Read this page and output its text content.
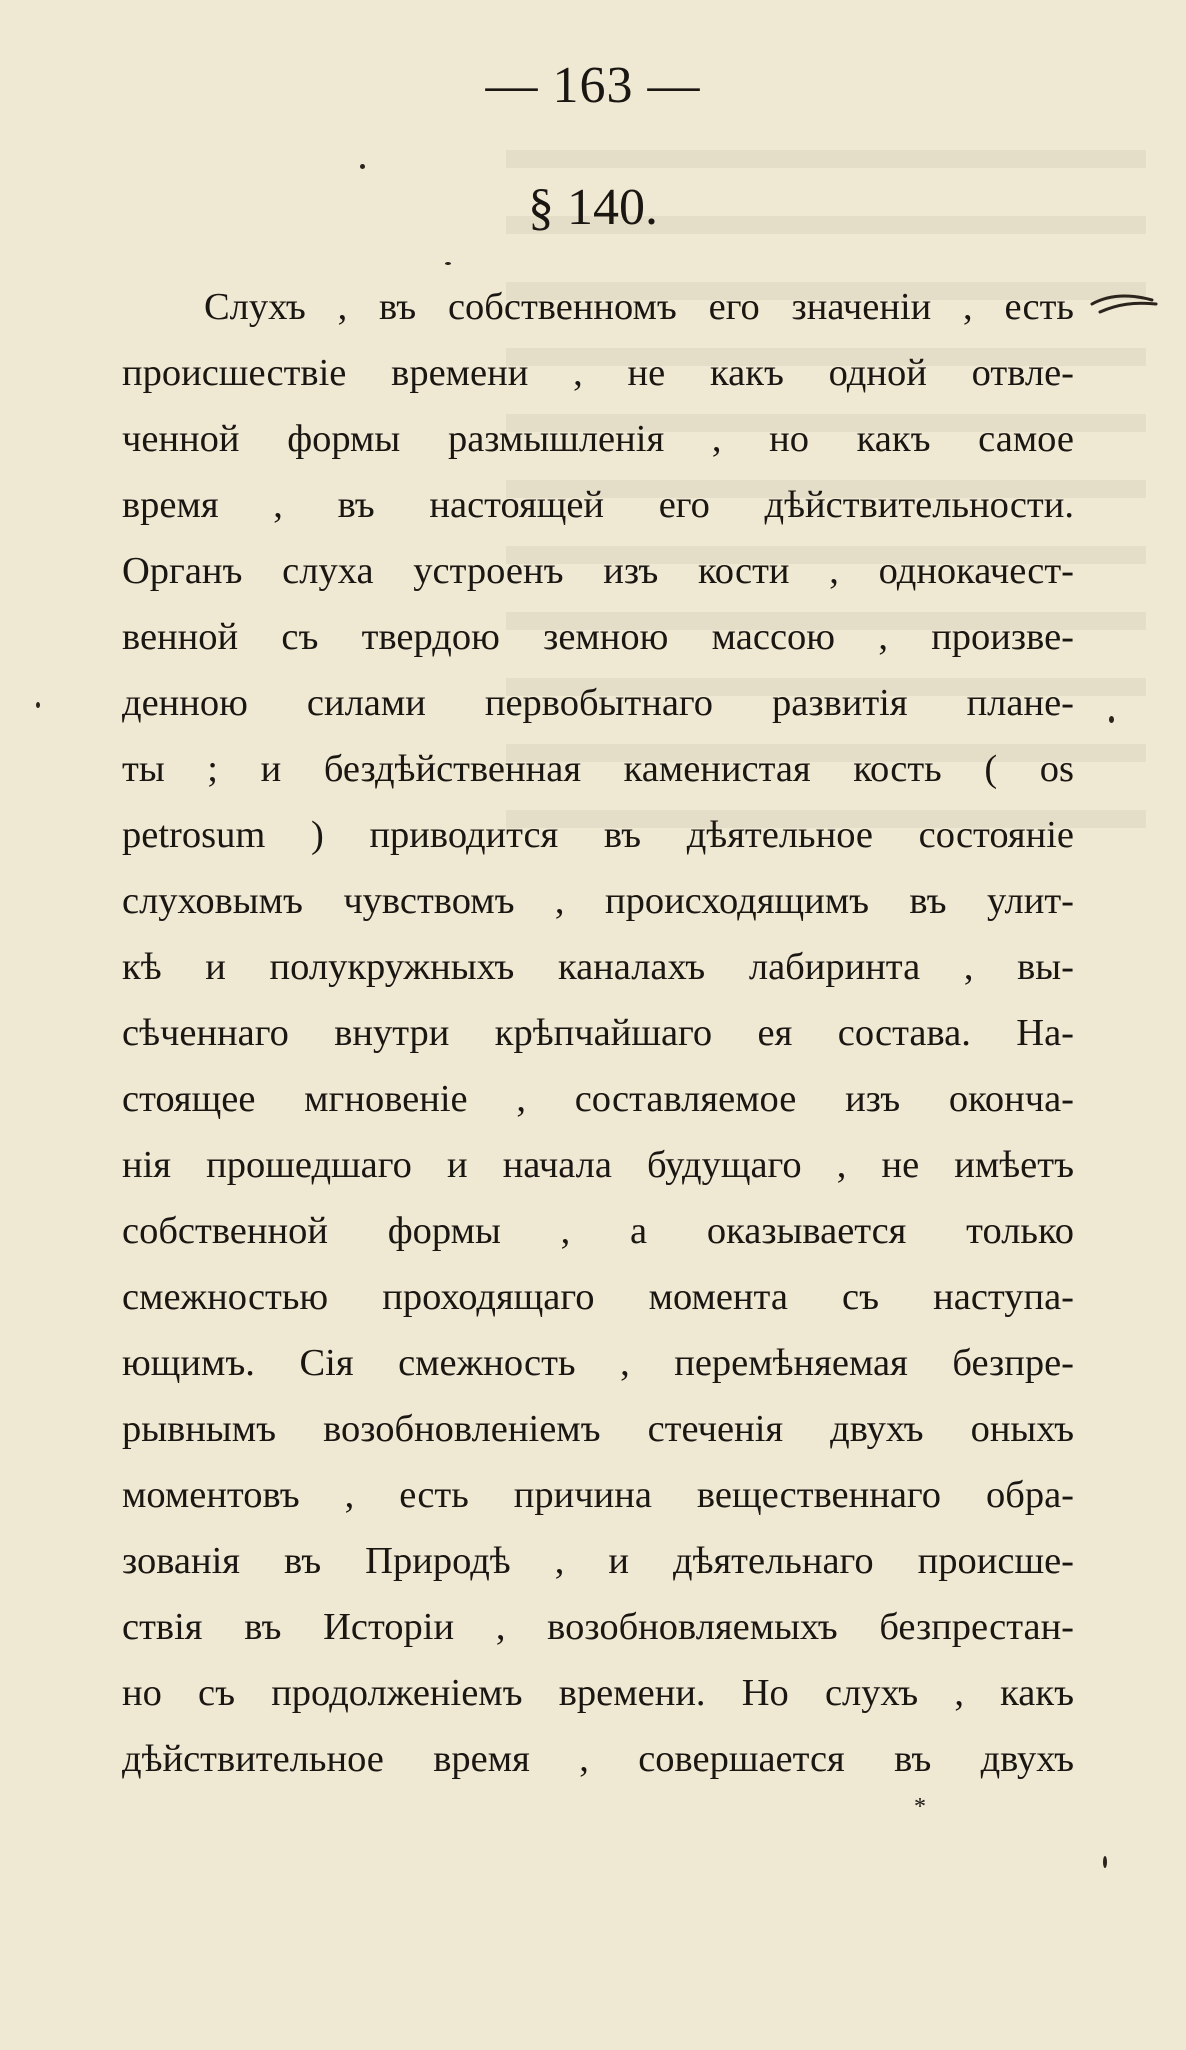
— 163 —
§ 140.
Слухъ , въ собственномъ его значенiи , есть
происшествiе времени , не какъ одной отвле-
ченной формы размышленiя , но какъ самое
время , въ настоящей его дѣйствительности.
Органъ слуха устроенъ изъ кости , однокачест-
венной съ твердою земною массою , произве-
денною силами первобытнаго развитiя плане-
ты ; и бездѣйственная каменистая кость ( os
petrosum ) приводится въ дѣятельное состоянiе
слуховымъ чувствомъ , происходящимъ въ улит-
кѣ и полукружныхъ каналахъ лабиринта , вы-
сѣченнаго внутри крѣпчайшаго ея состава. На-
стоящее мгновенiе , составляемое изъ оконча-
нiя прошедшаго и начала будущаго , не имѣетъ
собственной формы , а оказывается только
смежностью проходящаго момента съ наступа-
ющимъ. Сiя смежность , перемѣняемая безпре-
рывнымъ возобновленiемъ стеченiя двухъ оныхъ
моментовъ , есть причина вещественнаго обра-
зованiя въ Природѣ , и дѣятельнаго происше-
ствiя въ Исторiи , возобновляемыхъ безпрестан-
но съ продолженiемъ времени. Но слухъ , какъ
дѣйствительное время , совершается въ двухъ
*
